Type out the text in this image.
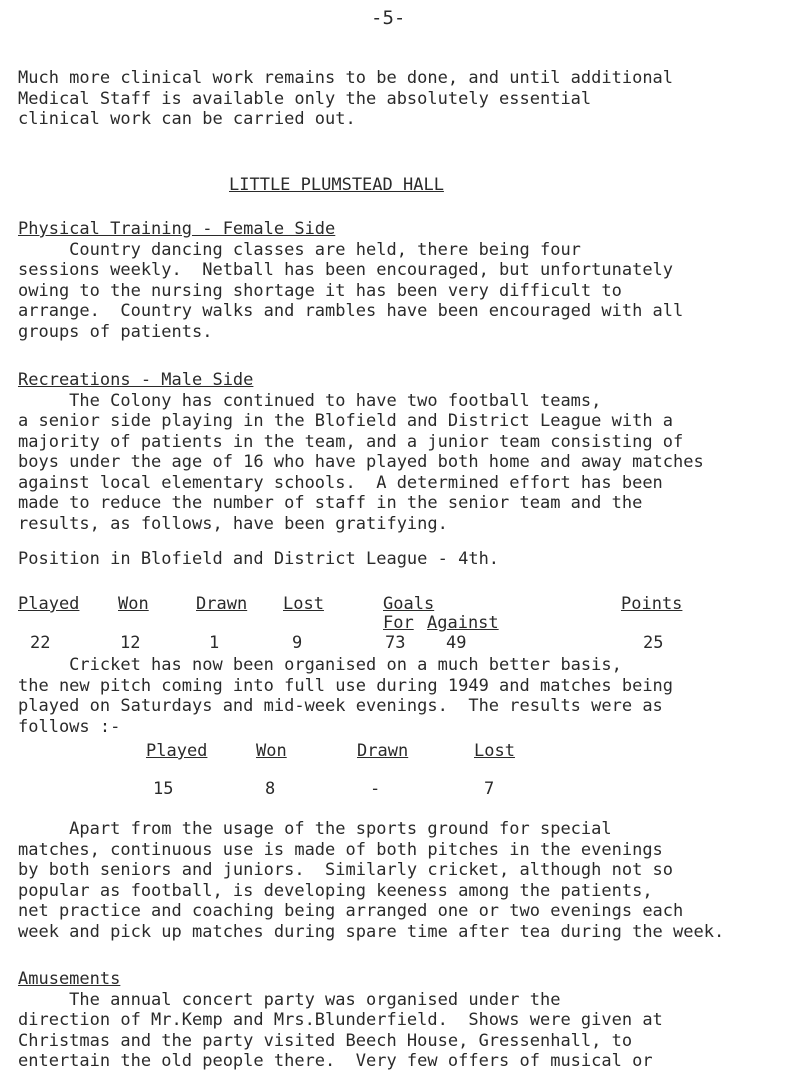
-5-
Much more clinical work remains to be done, and until additional
Medical Staff is available only the absolutely essential
clinical work can be carried out.
LITTLE PLUMSTEAD HALL
Physical Training - Female Side
Country dancing classes are held, there being four
sessions weekly.  Netball has been encouraged, but unfortunately
owing to the nursing shortage it has been very difficult to
arrange.  Country walks and rambles have been encouraged with all
groups of patients.
Recreations - Male Side
The Colony has continued to have two football teams,
a senior side playing in the Blofield and District League with a
majority of patients in the team, and a junior team consisting of
boys under the age of 16 who have played both home and away matches
against local elementary schools.  A determined effort has been
made to reduce the number of staff in the senior team and the
results, as follows, have been gratifying.
Position in Blofield and District League - 4th.
Played Won	Drawn Lost	Goals	Points
For Against
22	12	1	9	73 49	25
Cricket has now been organised on a much better basis,
the new pitch coming into full use during 1949 and matches being
played on Saturdays and mid-week evenings.  The results were as
follows :-
Played	Won	Drawn	Lost
15	8	-	7
Apart from the usage of the sports ground for special
matches, continuous use is made of both pitches in the evenings
by both seniors and juniors.  Similarly cricket, although not so
popular as football, is developing keeness among the patients,
net practice and coaching being arranged one or two evenings each
week and pick up matches during spare time after tea during the week.
Amusements
The annual concert party was organised under the
direction of Mr.Kemp and Mrs.Blunderfield.  Shows were given at
Christmas and the party visited Beech House, Gressenhall, to
entertain the old people there.  Very few offers of musical or
